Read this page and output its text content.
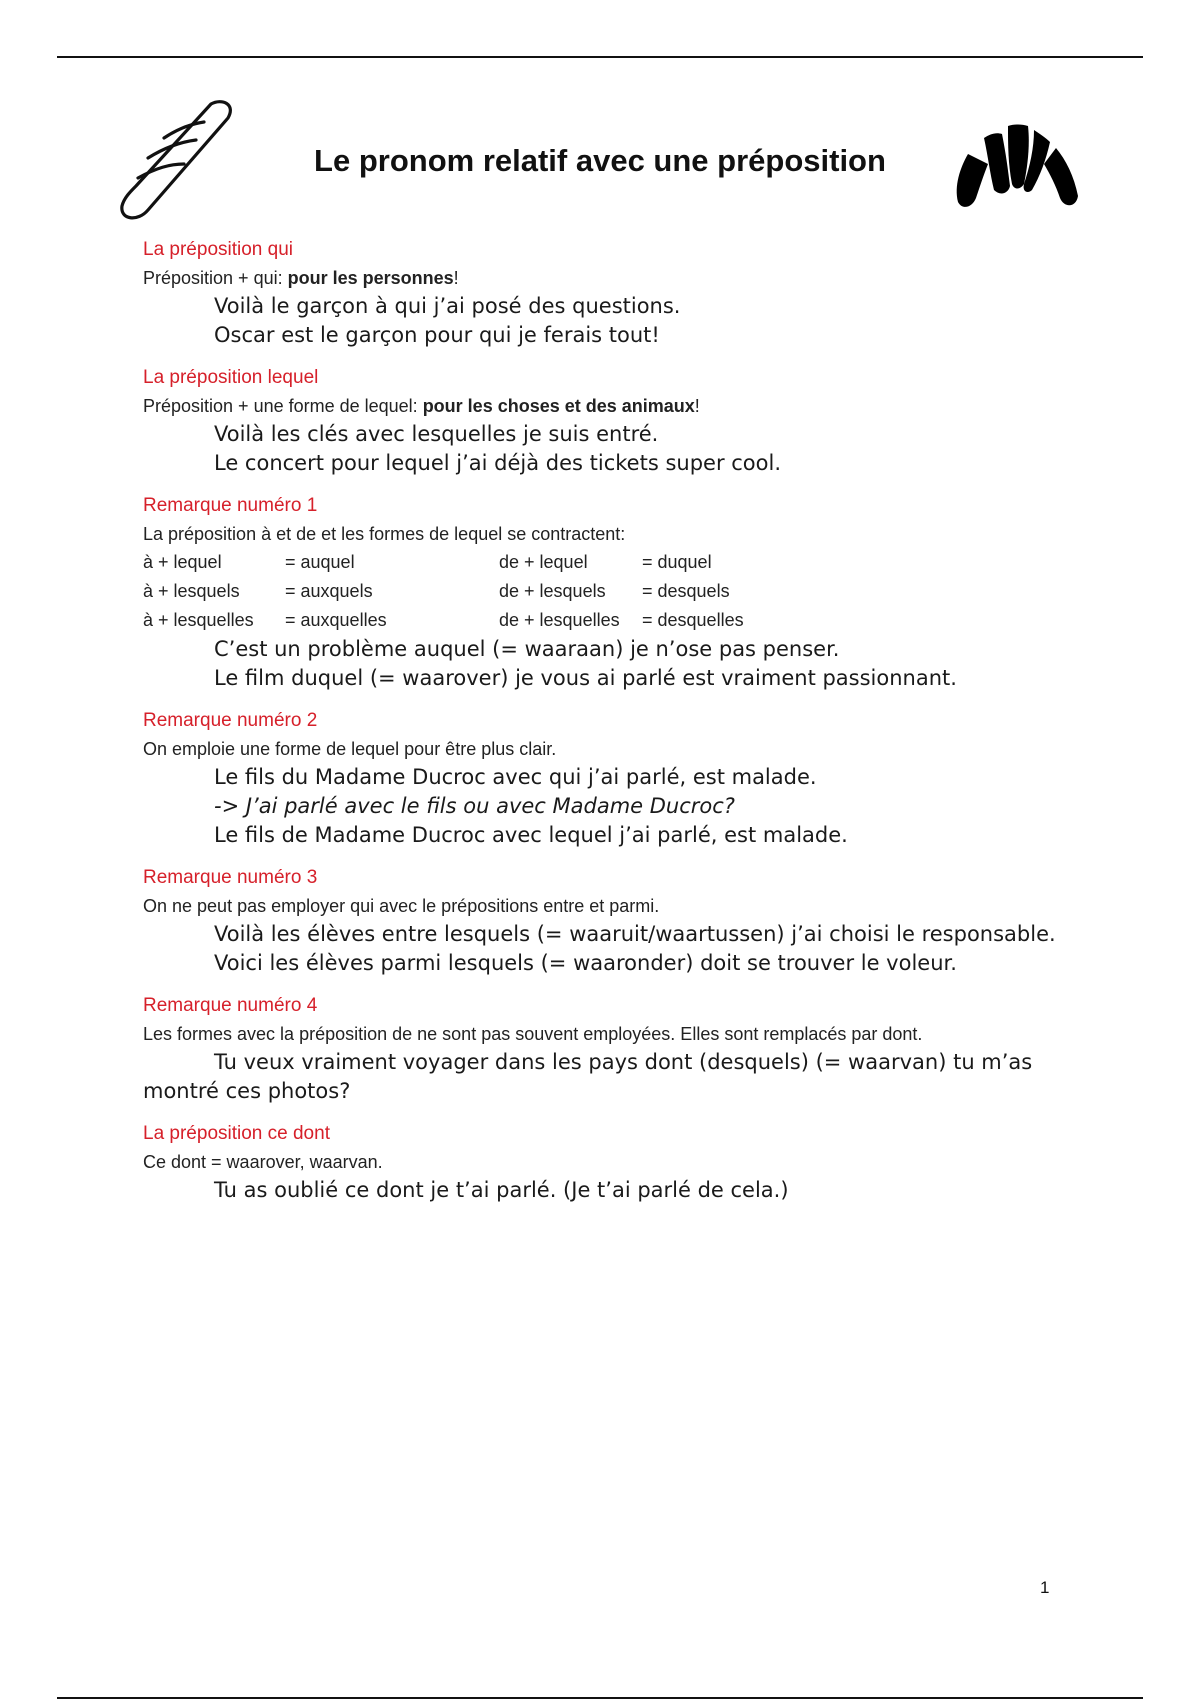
Le pronom relatif avec une préposition
La préposition qui
Préposition + qui: pour les personnes!
Voilà le garçon à qui j’ai posé des questions.
Oscar est le garçon pour qui je ferais tout!
La préposition lequel
Préposition + une forme de lequel: pour les choses et des animaux!
Voilà les clés avec lesquelles je suis entré.
Le concert pour lequel j’ai déjà des tickets super cool.
Remarque numéro 1
La préposition à et de et les formes de lequel se contractent:
à + lequel	= auquel	de + lequel	= duquel
à + lesquels	= auxquels	de + lesquels	= desquels
à + lesquelles	= auxquelles	de + lesquelles	= desquelles
C’est un problème auquel (= waaraan) je n’ose pas penser.
Le film duquel (= waarover) je vous ai parlé est vraiment passionnant.
Remarque numéro 2
On emploie une forme de lequel pour être plus clair.
Le fils du Madame Ducroc avec qui j’ai parlé, est malade.
-> J’ai parlé avec le fils ou avec Madame Ducroc?
Le fils de Madame Ducroc avec lequel j’ai parlé, est malade.
Remarque numéro 3
On ne peut pas employer qui avec le prépositions entre et parmi.
Voilà les élèves entre lesquels (= waaruit/waartussen) j’ai choisi le responsable.
Voici les élèves parmi lesquels (= waaronder) doit se trouver le voleur.
Remarque numéro 4
Les formes avec la préposition de ne sont pas souvent employées. Elles sont remplacés par dont.
Tu veux vraiment voyager dans les pays dont (desquels) (= waarvan) tu m’as montré ces photos?
La préposition ce dont
Ce dont = waarover, waarvan.
Tu as oublié ce dont je t’ai parlé. (Je t’ai parlé de cela.)
1
